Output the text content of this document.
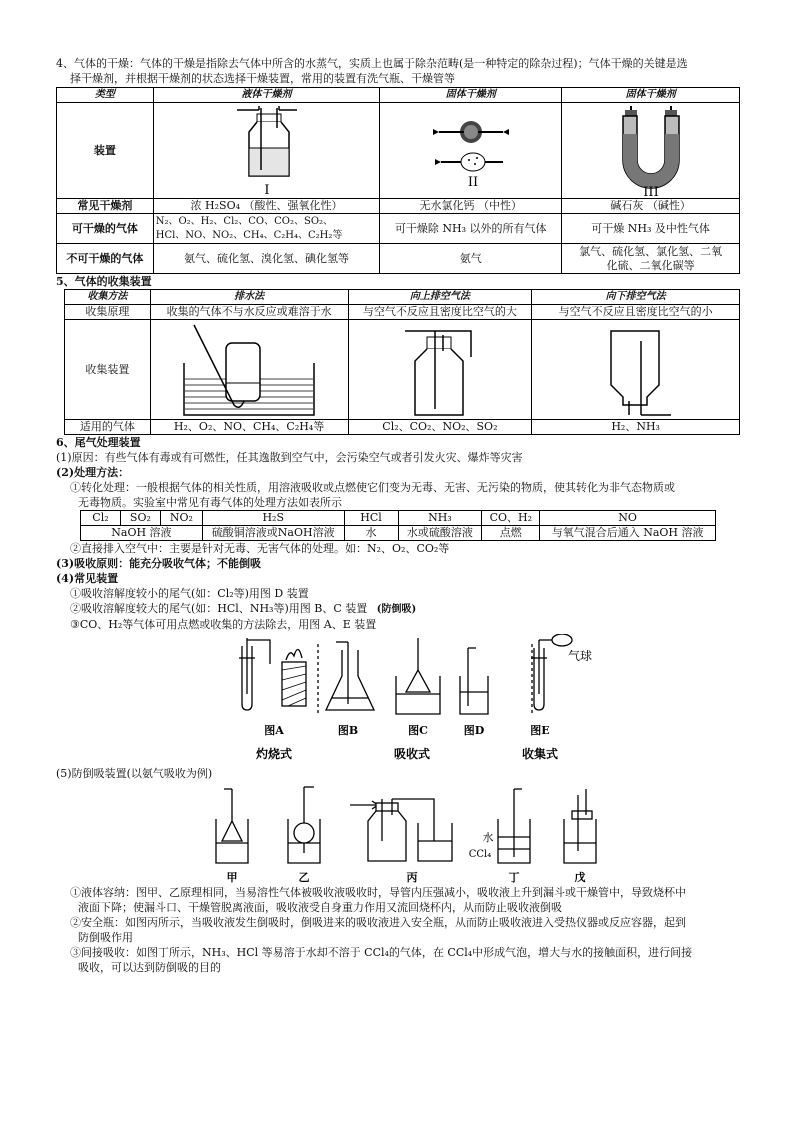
4、气体的干燥：气体的干燥是指除去气体中所含的水蒸气，实质上也属于除杂范畴(是一种特定的除杂过程)；气体干燥的关键是选
择干燥剂，并根据干燥剂的状态选择干燥装置，常用的装置有洗气瓶、干燥管等
类型	液体干燥剂	固体干燥剂	固体干燥剂
装置	I	II	III

常见干燥剂	浓 H₂SO₄ （酸性、强氧化性）	无水氯化钙 （中性）	碱石灰 （碱性）
可干燥的气体	N₂、O₂、H₂、Cl₂、CO、CO₂、SO₂、
HCl、NO、NO₂、CH₄、C₂H₄、C₂H₂等	可干燥除 NH₃ 以外的所有气体	可干燥 NH₃ 及中性气体
不可干燥的气体	氨气、硫化氢、溴化氢、碘化氢等	氨气	氯气、硫化氢、氯化氢、二氧
化硫、二氧化碳等
5、气体的收集装置
收集方法	排水法	向上排空气法	向下排空气法
收集原理	收集的气体不与水反应或难溶于水	与空气不反应且密度比空气的大	与空气不反应且密度比空气的小
收集装置	

适用的气体	H₂、O₂、NO、CH₄、C₂H₄等	Cl₂、CO₂、NO₂、SO₂	H₂、NH₃
6、尾气处理装置
(1)原因：有些气体有毒或有可燃性，任其逸散到空气中，会污染空气或者引发火灾、爆炸等灾害
(2)处理方法：
①转化处理：一般根据气体的相关性质，用溶液吸收或点燃使它们变为无毒、无害、无污染的物质，使其转化为非气态物质或
无毒物质。实验室中常见有毒气体的处理方法如表所示
Cl₂	SO₂	NO₂	H₂S	HCl	NH₃	CO、H₂	NO
NaOH 溶液			硫酸铜溶液或NaOH溶液	水	水或硫酸溶液	点燃	与氧气混合后通入 NaOH 溶液
②直接排入空气中：主要是针对无毒、无害气体的处理。如：N₂、O₂、CO₂等
(3)吸收原则：能充分吸收气体；不能倒吸
(4)常见装置
①吸收溶解度较小的尾气(如：Cl₂等)用图 D 装置
②吸收溶解度较大的尾气(如：HCl、NH₃等)用图 B、C 装置 (防倒吸)
③CO、H₂等气体可用点燃或收集的方法除去，用图 A、E 装置
图A	图B	图C	图D	图E
灼烧式	吸收式	收集式
气球
(5)防倒吸装置(以氨气吸收为例)
甲	乙	丙	丁	戊
水
CCl₄
①液体容纳：图甲、乙原理相同，当易溶性气体被吸收液吸收时，导管内压强减小，吸收液上升到漏斗或干燥管中，导致烧杯中
液面下降；使漏斗口、干燥管脱离液面，吸收液受自身重力作用又流回烧杯内，从而防止吸收液倒吸
②安全瓶：如图丙所示，当吸收液发生倒吸时，倒吸进来的吸收液进入安全瓶，从而防止吸收液进入受热仪器或反应容器，起到
防倒吸作用
③间接吸收：如图丁所示，NH₃、HCl 等易溶于水却不溶于 CCl₄的气体，在 CCl₄中形成气泡，增大与水的接触面积，进行间接
吸收，可以达到防倒吸的目的
